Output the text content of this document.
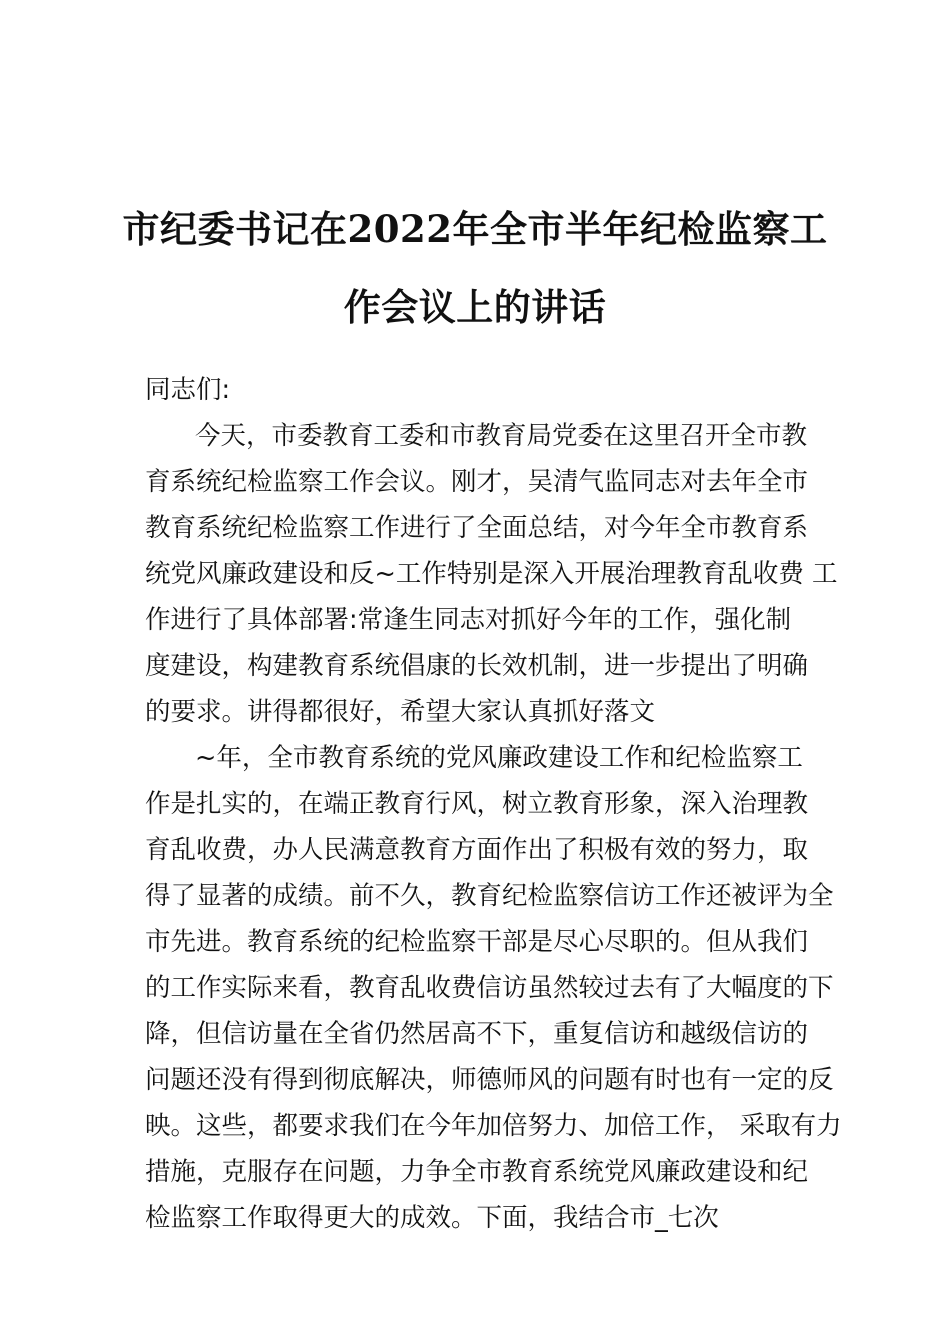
市纪委书记在2022年全市半年纪检监察工
作会议上的讲话

同志们:

今天，市委教育工委和市教育局党委在这里召开全市教
育系统纪检监察工作会议。刚才，吴清气监同志对去年全市
教育系统纪检监察工作进行了全面总结，对今年全市教育系
统党风廉政建设和反~工作特别是深入开展治理教育乱收费 工
作进行了具体部署:常逢生同志对抓好今年的工作，强化制
度建设，构建教育系统倡康的长效机制，进一步提出了明确
的要求。讲得都很好，希望大家认真抓好落文

~年，全市教育系统的党风廉政建设工作和纪检监察工
作是扎实的，在端正教育行风，树立教育形象，深入治理教
育乱收费，办人民满意教育方面作出了积极有效的努力，取
得了显著的成绩。前不久，教育纪检监察信访工作还被评为全
市先进。教育系统的纪检监察干部是尽心尽职的。但从我们
的工作实际来看，教育乱收费信访虽然较过去有了大幅度的下
降，但信访量在全省仍然居高不下，重复信访和越级信访的
问题还没有得到彻底解决，师德师风的问题有时也有一定的反
映。这些，都要求我们在今年加倍努力、加倍工作， 采取有力
措施，克服存在问题，力争全市教育系统党风廉政建设和纪
检监察工作取得更大的成效。下面，我结合市_七次
